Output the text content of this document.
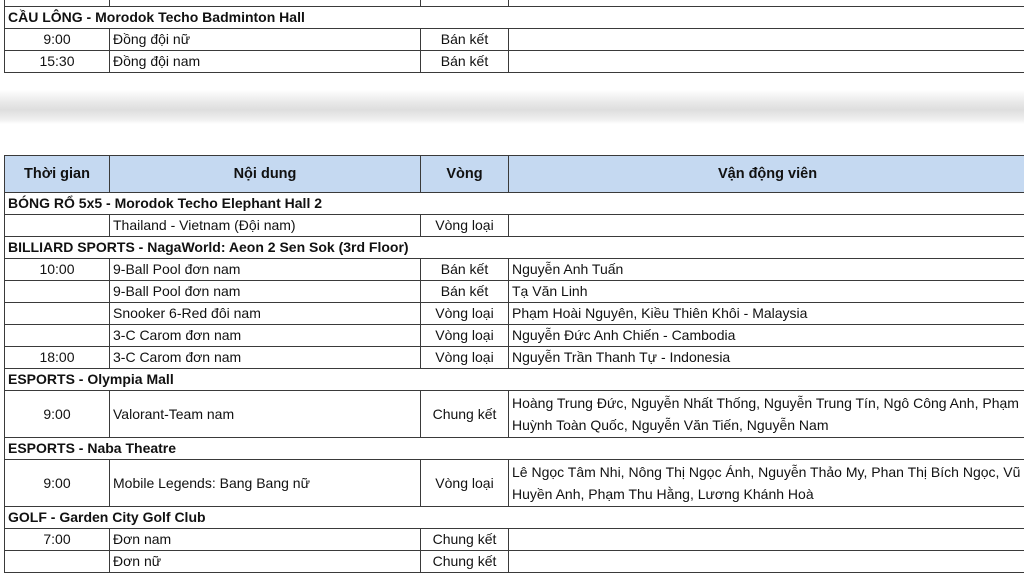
CẦU LÔNG - Morodok Techo Badminton Hall			
9:00	Đồng đội nữ	Bán kết	
15:30	Đồng đội nam	Bán kết	
Thời gian	Nội dung	Vòng	Vận động viên
BÓNG RỔ 5x5 - Morodok Techo Elephant Hall 2			
	Thailand - Vietnam (Đội nam)	Vòng loại	
BILLIARD SPORTS - NagaWorld: Aeon 2 Sen Sok (3rd Floor)			
10:00	9-Ball Pool đơn nam	Bán kết	Nguyễn Anh Tuấn
	9-Ball Pool đơn nam	Bán kết	Tạ Văn Linh
	Snooker 6-Red đôi nam	Vòng loại	Phạm Hoài Nguyên, Kiều Thiên Khôi - Malaysia
	3-C Carom đơn nam	Vòng loại	Nguyễn Đức Anh Chiến - Cambodia
18:00	3-C Carom đơn nam	Vòng loại	Nguyễn Trần Thanh Tự - Indonesia
ESPORTS - Olympia Mall			
9:00	Valorant-Team nam	Chung kết	Hoàng Trung Đức, Nguyễn Nhất Thống, Nguyễn Trung Tín, Ngô Công Anh, Phạm Huỳnh Toàn Quốc, Nguyễn Văn Tiến, Nguyễn Nam
ESPORTS - Naba Theatre			
9:00	Mobile Legends: Bang Bang nữ	Vòng loại	Lê Ngọc Tâm Nhi, Nông Thị Ngọc Ánh, Nguyễn Thảo My, Phan Thị Bích Ngọc, Vũ Huyền Anh, Phạm Thu Hằng, Lương Khánh Hoà
GOLF - Garden City Golf Club			
7:00	Đơn nam	Chung kết	
	Đơn nữ	Chung kết	
